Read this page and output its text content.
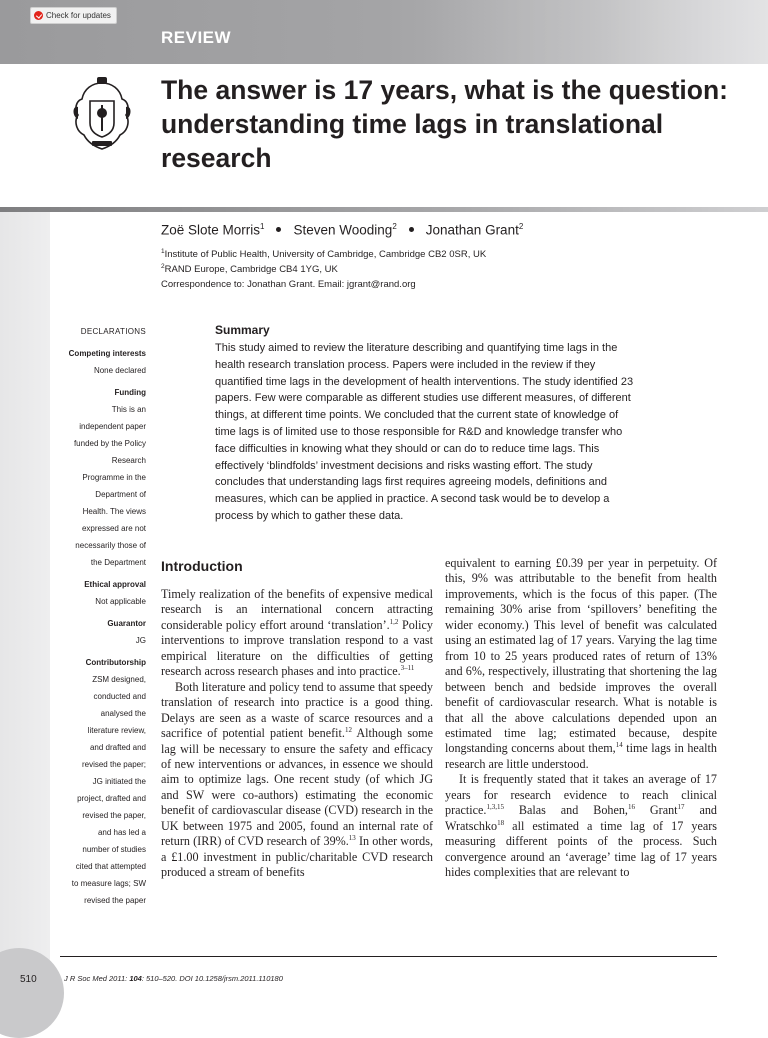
Check for updates
REVIEW
The answer is 17 years, what is the question: understanding time lags in translational research
510
Zoë Slote Morris$^1$ Steven Wooding$^2$ Jonathan Grant$^2$
$^1$Institute of Public Health, University of Cambridge, Cambridge CB2 0SR, UK
$^2$RAND Europe, Cambridge CB4 1YG, UK
Correspondence to: Jonathan Grant. Email: jgrant@rand.org
DECLARATIONS
Competing interests
None declared
Funding
This is an
independent paper
funded by the Policy
Research
Programme in the
Department of
Health. The views
expressed are not
necessarily those of
the Department
Ethical approval
Not applicable
Guarantor
JG
Contributorship
ZSM designed,
conducted and
analysed the
literature review,
and drafted and
revised the paper;
JG initiated the
project, drafted and
revised the paper,
and has led a
number of studies
cited that attempted
to measure lags; SW
revised the paper
Summary
This study aimed to review the literature describing and quantifying time lags in the health research translation process. Papers were included in the review if they quantified time lags in the development of health interventions. The study identified 23 papers. Few were comparable as different studies use different measures, of different things, at different time points. We concluded that the current state of knowledge of time lags is of limited use to those responsible for R&D and knowledge transfer who face difficulties in knowing what they should or can do to reduce time lags. This effectively ‘blindfolds’ investment decisions and risks wasting effort. The study concludes that understanding lags first requires agreeing models, definitions and measures, which can be applied in practice. A second task would be to develop a process by which to gather these data.
Introduction

Timely realization of the benefits of expensive medical research is an international concern attracting considerable policy effort around ‘translation’.$^{1,2}$ Policy interventions to improve translation respond to a vast empirical literature on the difficulties of getting research across research phases and into practice.$^{3-11}$

Both literature and policy tend to assume that speedy translation of research into practice is a good thing. Delays are seen as a waste of scarce resources and a sacrifice of potential patient benefit.$^{12}$ Although some lag will be necessary to ensure the safety and efficacy of new interventions or advances, in essence we should aim to optimize lags. One recent study (of which JG and SW were co-authors) estimating the economic benefit of cardiovascular disease (CVD) research in the UK between 1975 and 2005, found an internal rate of return (IRR) of CVD research of 39%.$^{13}$ In other words, a £1.00 investment in public/charitable CVD research produced a stream of benefits

equivalent to earning £0.39 per year in perpetuity. Of this, 9% was attributable to the benefit from health improvements, which is the focus of this paper. (The remaining 30% arise from ‘spillovers’ benefiting the wider economy.) This level of benefit was calculated using an estimated lag of 17 years. Varying the lag time from 10 to 25 years produced rates of return of 13% and 6%, respectively, illustrating that shortening the lag between bench and bedside improves the overall benefit of cardiovascular research. What is notable is that all the above calculations depended upon an estimated time lag; estimated because, despite longstanding concerns about them,$^{14}$ time lags in health research are little understood.

It is frequently stated that it takes an average of 17 years for research evidence to reach clinical practice.$^{1,3,15}$ Balas and Bohen,$^{16}$ Grant$^{17}$ and Wratschko$^{18}$ all estimated a time lag of 17 years measuring different points of the process. Such convergence around an ‘average’ time lag of 17 years hides complexities that are relevant to

J R Soc Med 2011: 104: 510–520. DOI 10.1258/jrsm.2011.110180
